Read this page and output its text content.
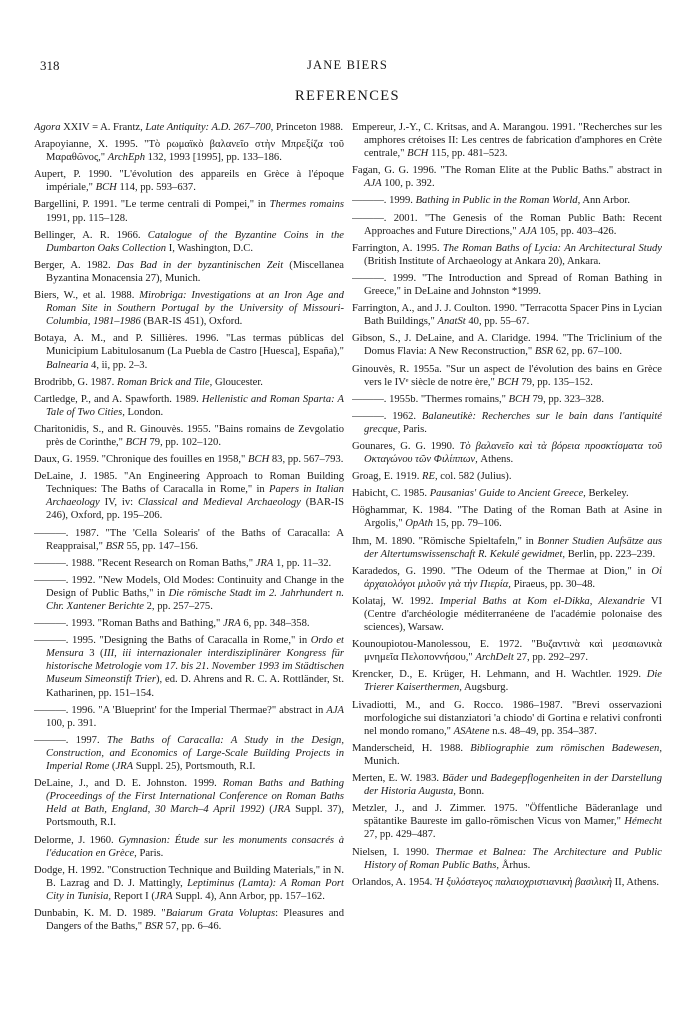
318	JANE BIERS
REFERENCES

Agora XXIV = A. Frantz, Late Antiquity: A.D. 267–700, Princeton 1988.

Arapoyianne, X. 1995. "Τὸ ρωμαϊκὸ βαλανεῖο στὴν Μπρεξίζα τοῦ Μαραθῶνος," ArchEph 132, 1993 [1995], pp. 133–186.

Aupert, P. 1990. "L'évolution des appareils en Grèce à l'époque impériale," BCH 114, pp. 593–637.

Bargellini, P. 1991. "Le terme centrali di Pompei," in Thermes romains 1991, pp. 115–128.

Bellinger, A. R. 1966. Catalogue of the Byzantine Coins in the Dumbarton Oaks Collection I, Washington, D.C.

Berger, A. 1982. Das Bad in der byzantinischen Zeit (Miscellanea Byzantina Monacensia 27), Munich.

Biers, W., et al. 1988. Mirobriga: Investigations at an Iron Age and Roman Site in Southern Portugal by the University of Missouri-Columbia, 1981–1986 (BAR-IS 451), Oxford.

Botaya, A. M., and P. Sillières. 1996. "Las termas públicas del Municipium Labitulosanum (La Puebla de Castro [Huesca], España)," Balnearia 4, ii, pp. 2–3.

Brodribb, G. 1987. Roman Brick and Tile, Gloucester.

Cartledge, P., and A. Spawforth. 1989. Hellenistic and Roman Sparta: A Tale of Two Cities, London.

Charitonidis, S., and R. Ginouvès. 1955. "Bains romains de Zevgolatio près de Corinthe," BCH 79, pp. 102–120.

Daux, G. 1959. "Chronique des fouilles en 1958," BCH 83, pp. 567–793.

DeLaine, J. 1985. "An Engineering Approach to Roman Building Techniques: The Baths of Caracalla in Rome," in Papers in Italian Archaeology IV, iv: Classical and Medieval Archaeology (BAR-IS 246), Oxford, pp. 195–206.

———. 1987. "The 'Cella Solearis' of the Baths of Caracalla: A Reappraisal," BSR 55, pp. 147–156.

———. 1988. "Recent Research on Roman Baths," JRA 1, pp. 11–32.

———. 1992. "New Models, Old Modes: Continuity and Change in the Design of Public Baths," in Die römische Stadt im 2. Jahrhundert n. Chr. Xantener Berichte 2, pp. 257–275.

———. 1993. "Roman Baths and Bathing," JRA 6, pp. 348–358.

———. 1995. "Designing the Baths of Caracalla in Rome," in Ordo et Mensura 3 (III, iii internazionaler interdisziplinärer Kongress für historische Metrologie vom 17. bis 21. November 1993 im Städtischen Museum Simeonstift Trier), ed. D. Ahrens and R. C. A. Rottländer, St. Katharinen, pp. 151–154.

———. 1996. "A 'Blueprint' for the Imperial Thermae?" abstract in AJA 100, p. 391.

———. 1997. The Baths of Caracalla: A Study in the Design, Construction, and Economics of Large-Scale Building Projects in Imperial Rome (JRA Suppl. 25), Portsmouth, R.I.

DeLaine, J., and D. E. Johnston. 1999. Roman Baths and Bathing (Proceedings of the First International Conference on Roman Baths Held at Bath, England, 30 March–4 April 1992) (JRA Suppl. 37), Portsmouth, R.I.

Delorme, J. 1960. Gymnasion: Étude sur les monuments consacrés à l'éducation en Grèce, Paris.

Dodge, H. 1992. "Construction Technique and Building Materials," in N. B. Lazrag and D. J. Mattingly, Leptiminus (Lamta): A Roman Port City in Tunisia, Report I (JRA Suppl. 4), Ann Arbor, pp. 157–162.

Dunbabin, K. M. D. 1989. "Baiarum Grata Voluptas: Pleasures and Dangers of the Baths," BSR 57, pp. 6–46.

Empereur, J.-Y., C. Kritsas, and A. Marangou. 1991. "Recherches sur les amphores crétoises II: Les centres de fabrication d'amphores en Crète centrale," BCH 115, pp. 481–523.

Fagan, G. G. 1996. "The Roman Elite at the Public Baths." abstract in AJA 100, p. 392.

———. 1999. Bathing in Public in the Roman World, Ann Arbor.

———. 2001. "The Genesis of the Roman Public Bath: Recent Approaches and Future Directions," AJA 105, pp. 403–426.

Farrington, A. 1995. The Roman Baths of Lycia: An Architectural Study (British Institute of Archaeology at Ankara 20), Ankara.

———. 1999. "The Introduction and Spread of Roman Bathing in Greece," in DeLaine and Johnston *1999.

Farrington, A., and J. J. Coulton. 1990. "Terracotta Spacer Pins in Lycian Bath Buildings," AnatSt 40, pp. 55–67.

Gibson, S., J. DeLaine, and A. Claridge. 1994. "The Triclinium of the Domus Flavia: A New Reconstruction," BSR 62, pp. 67–100.

Ginouvès, R. 1955a. "Sur un aspect de l'évolution des bains en Grèce vers le IVᵉ siècle de notre ère," BCH 79, pp. 135–152.

———. 1955b. "Thermes romains," BCH 79, pp. 323–328.

———. 1962. Balaneutikè: Recherches sur le bain dans l'antiquité grecque, Paris.

Gounares, G. G. 1990. Τὸ βαλανεῖο καὶ τὰ βόρεια προσκτίσματα τοῦ Οκταγώνου τῶν Φιλίππων, Athens.

Groag, E. 1919. RE, col. 582 (Julius).

Habicht, C. 1985. Pausanias' Guide to Ancient Greece, Berkeley.

Höghammar, K. 1984. "The Dating of the Roman Bath at Asine in Argolis," OpAth 15, pp. 79–106.

Ihm, M. 1890. "Römische Spieltafeln," in Bonner Studien Aufsätze aus der Altertumswissenschaft R. Kekulé gewidmet, Berlin, pp. 223–239.

Karadedos, G. 1990. "The Odeum of the Thermae at Dion," in Οἱ ἀρχαιολόγοι μιλοῦν γιὰ τὴν Πιερία, Piraeus, pp. 30–48.

Kolataj, W. 1992. Imperial Baths at Kom el-Dikka, Alexandrie VI (Centre d'archéologie méditerranéene de l'académie polonaise des sciences), Warsaw.

Kounoupiotou-Manolessou, E. 1972. "Βυζαντινὰ καὶ μεσαιωνικὰ μνημεῖα Πελοποννήσου," ArchDelt 27, pp. 292–297.

Krencker, D., E. Krüger, H. Lehmann, and H. Wachtler. 1929. Die Trierer Kaiserthermen, Augsburg.

Livadiotti, M., and G. Rocco. 1986–1987. "Brevi osservazioni morfologiche sui distanziatori 'a chiodo' di Gortina e relativi confronti nel mondo romano," ASAtene n.s. 48–49, pp. 354–387.

Manderscheid, H. 1988. Bibliographie zum römischen Badewesen, Munich.

Merten, E. W. 1983. Bäder und Badegepflogenheiten in der Darstellung der Historia Augusta, Bonn.

Metzler, J., and J. Zimmer. 1975. "Öffentliche Bäderanlage und spätantike Baureste im gallo-römischen Vicus von Mamer," Hémecht 27, pp. 429–487.

Nielsen, I. 1990. Thermae et Balnea: The Architecture and Public History of Roman Public Baths, Århus.

Orlandos, A. 1954. Ἡ ξυλόστεγος παλαιοχριστιανικὴ βασιλικὴ II, Athens.
